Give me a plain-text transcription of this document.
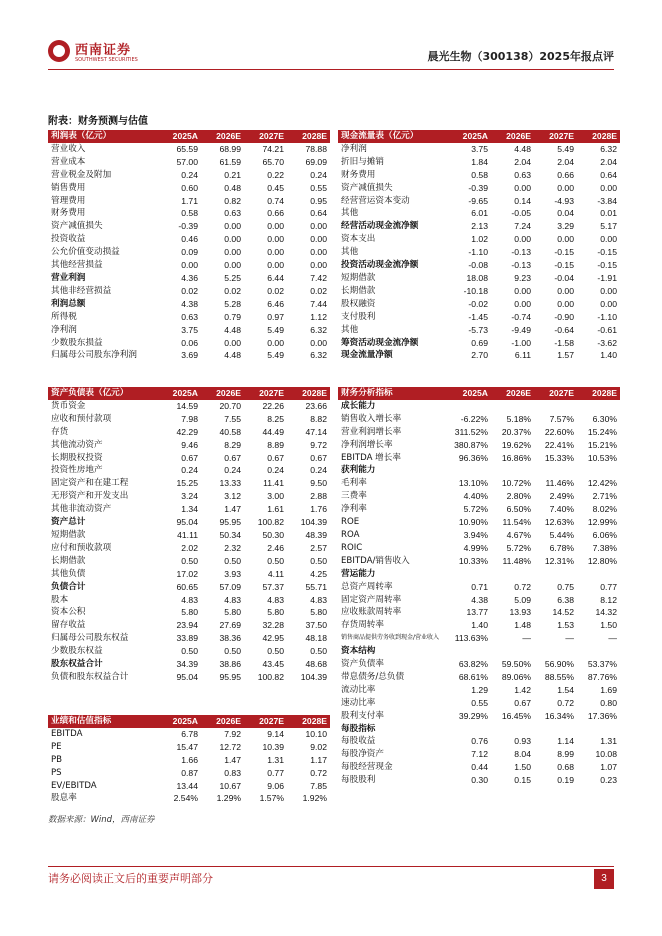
西南证券
SOUTHWEST SECURITIES	晨光生物（300138）2025年报点评
附表：财务预测与估值
利润表（亿元）	2025A	2026E	2027E	2028E
营业收入	65.59	68.99	74.21	78.88
营业成本	57.00	61.59	65.70	69.09
营业税金及附加	0.24	0.21	0.22	0.24
销售费用	0.60	0.48	0.45	0.55
管理费用	1.71	0.82	0.74	0.95
财务费用	0.58	0.63	0.66	0.64
资产减值损失	-0.39	0.00	0.00	0.00
投资收益	0.46	0.00	0.00	0.00
公允价值变动损益	0.09	0.00	0.00	0.00
其他经营损益	0.00	0.00	0.00	0.00
营业利润	4.36	5.25	6.44	7.42
其他非经营损益	0.02	0.02	0.02	0.02
利润总额	4.38	5.28	6.46	7.44
所得税	0.63	0.79	0.97	1.12
净利润	3.75	4.48	5.49	6.32
少数股东损益	0.06	0.00	0.00	0.00
归属母公司股东净利润	3.69	4.48	5.49	6.32
资产负债表（亿元）	2025A	2026E	2027E	2028E
货币资金	14.59	20.70	22.26	23.66
应收和预付款项	7.98	7.55	8.25	8.82
存货	42.29	40.58	44.49	47.14
其他流动资产	9.46	8.29	8.89	9.72
长期股权投资	0.67	0.67	0.67	0.67
投资性房地产	0.24	0.24	0.24	0.24
固定资产和在建工程	15.25	13.33	11.41	9.50
无形资产和开发支出	3.24	3.12	3.00	2.88
其他非流动资产	1.34	1.47	1.61	1.76
资产总计	95.04	95.95	100.82	104.39
短期借款	41.11	50.34	50.30	48.39
应付和预收款项	2.02	2.32	2.46	2.57
长期借款	0.50	0.50	0.50	0.50
其他负债	17.02	3.93	4.11	4.25
负债合计	60.65	57.09	57.37	55.71
股本	4.83	4.83	4.83	4.83
资本公积	5.80	5.80	5.80	5.80
留存收益	23.94	27.69	32.28	37.50
归属母公司股东权益	33.89	38.36	42.95	48.18
少数股东权益	0.50	0.50	0.50	0.50
股东权益合计	34.39	38.86	43.45	48.68
负债和股东权益合计	95.04	95.95	100.82	104.39
业绩和估值指标	2025A	2026E	2027E	2028E
EBITDA	6.78	7.92	9.14	10.10
PE	15.47	12.72	10.39	9.02
PB	1.66	1.47	1.31	1.17
PS	0.87	0.83	0.77	0.72
EV/EBITDA	13.44	10.67	9.06	7.85
股息率	2.54%	1.29%	1.57%	1.92%
现金流量表（亿元）	2025A	2026E	2027E	2028E
净利润	3.75	4.48	5.49	6.32
折旧与摊销	1.84	2.04	2.04	2.04
财务费用	0.58	0.63	0.66	0.64
资产减值损失	-0.39	0.00	0.00	0.00
经营营运资本变动	-9.65	0.14	-4.93	-3.84
其他	6.01	-0.05	0.04	0.01
经营活动现金流净额	2.13	7.24	3.29	5.17
资本支出	1.02	0.00	0.00	0.00
其他	-1.10	-0.13	-0.15	-0.15
投资活动现金流净额	-0.08	-0.13	-0.15	-0.15
短期借款	18.08	9.23	-0.04	-1.91
长期借款	-10.18	0.00	0.00	0.00
股权融资	-0.02	0.00	0.00	0.00
支付股利	-1.45	-0.74	-0.90	-1.10
其他	-5.73	-9.49	-0.64	-0.61
筹资活动现金流净额	0.69	-1.00	-1.58	-3.62
现金流量净额	2.70	6.11	1.57	1.40
财务分析指标	2025A	2026E	2027E	2028E
成长能力				
销售收入增长率	-6.22%	5.18%	7.57%	6.30%
营业利润增长率	311.52%	20.37%	22.60%	15.24%
净利润增长率	380.87%	19.62%	22.41%	15.21%
EBITDA 增长率	96.36%	16.86%	15.33%	10.53%
获利能力				
毛利率	13.10%	10.72%	11.46%	12.42%
三费率	4.40%	2.80%	2.49%	2.71%
净利率	5.72%	6.50%	7.40%	8.02%
ROE	10.90%	11.54%	12.63%	12.99%
ROA	3.94%	4.67%	5.44%	6.06%
ROIC	4.99%	5.72%	6.78%	7.38%
EBITDA/销售收入	10.33%	11.48%	12.31%	12.80%
营运能力				
总资产周转率	0.71	0.72	0.75	0.77
固定资产周转率	4.38	5.09	6.38	8.12
应收账款周转率	13.77	13.93	14.52	14.32
存货周转率	1.40	1.48	1.53	1.50
销售商品提供劳务收到现金/营业收入	113.63%	—	—	—
资本结构				
资产负债率	63.82%	59.50%	56.90%	53.37%
带息债务/总负债	68.61%	89.06%	88.55%	87.76%
流动比率	1.29	1.42	1.54	1.69
速动比率	0.55	0.67	0.72	0.80
股利支付率	39.29%	16.45%	16.34%	17.36%
每股指标				
每股收益	0.76	0.93	1.14	1.31
每股净资产	7.12	8.04	8.99	10.08
每股经营现金	0.44	1.50	0.68	1.07
每股股利	0.30	0.15	0.19	0.23
数据来源：Wind，西南证券
请务必阅读正文后的重要声明部分	3
